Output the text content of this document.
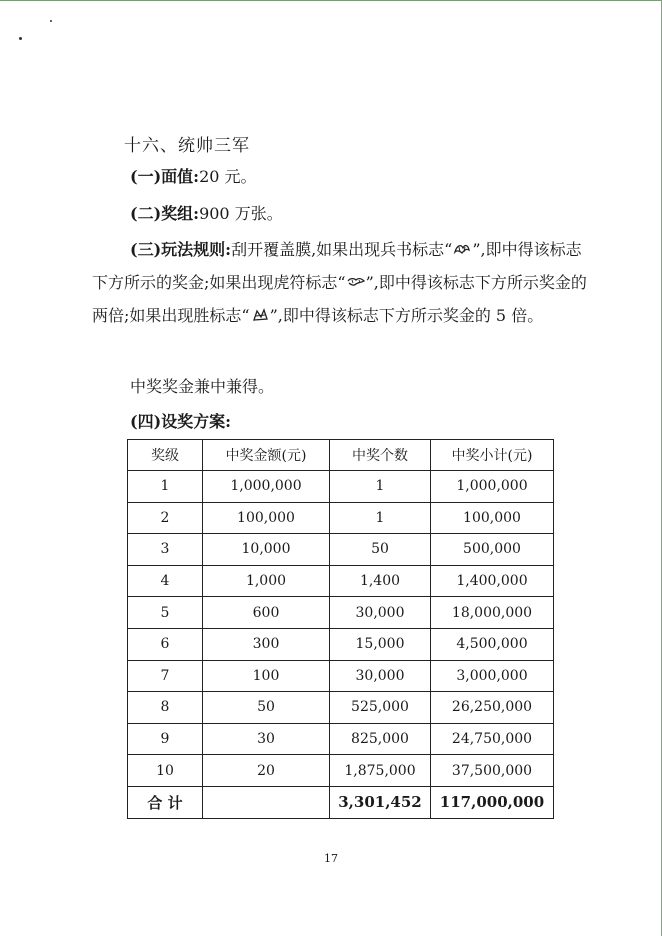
十六、统帅三军
(一)面值:20 元。
(二)奖组:900 万张。
(三)玩法规则:刮开覆盖膜,如果出现兵书标志“ ”,即中得该标志下方所示的奖金;如果出现虎符标志“ ”,即中得该标志下方所示奖金的两倍;如果出现胜标志“ ”,即中得该标志下方所示奖金的 5 倍。
中奖奖金兼中兼得。
(四)设奖方案:
奖级	中奖金额(元)	中奖个数	中奖小计(元)
1	1,000,000	1	1,000,000
2	100,000	1	100,000
3	10,000	50	500,000
4	1,000	1,400	1,400,000
5	600	30,000	18,000,000
6	300	15,000	4,500,000
7	100	30,000	3,000,000
8	50	525,000	26,250,000
9	30	825,000	24,750,000
10	20	1,875,000	37,500,000
合 计		3,301,452	117,000,000
17
